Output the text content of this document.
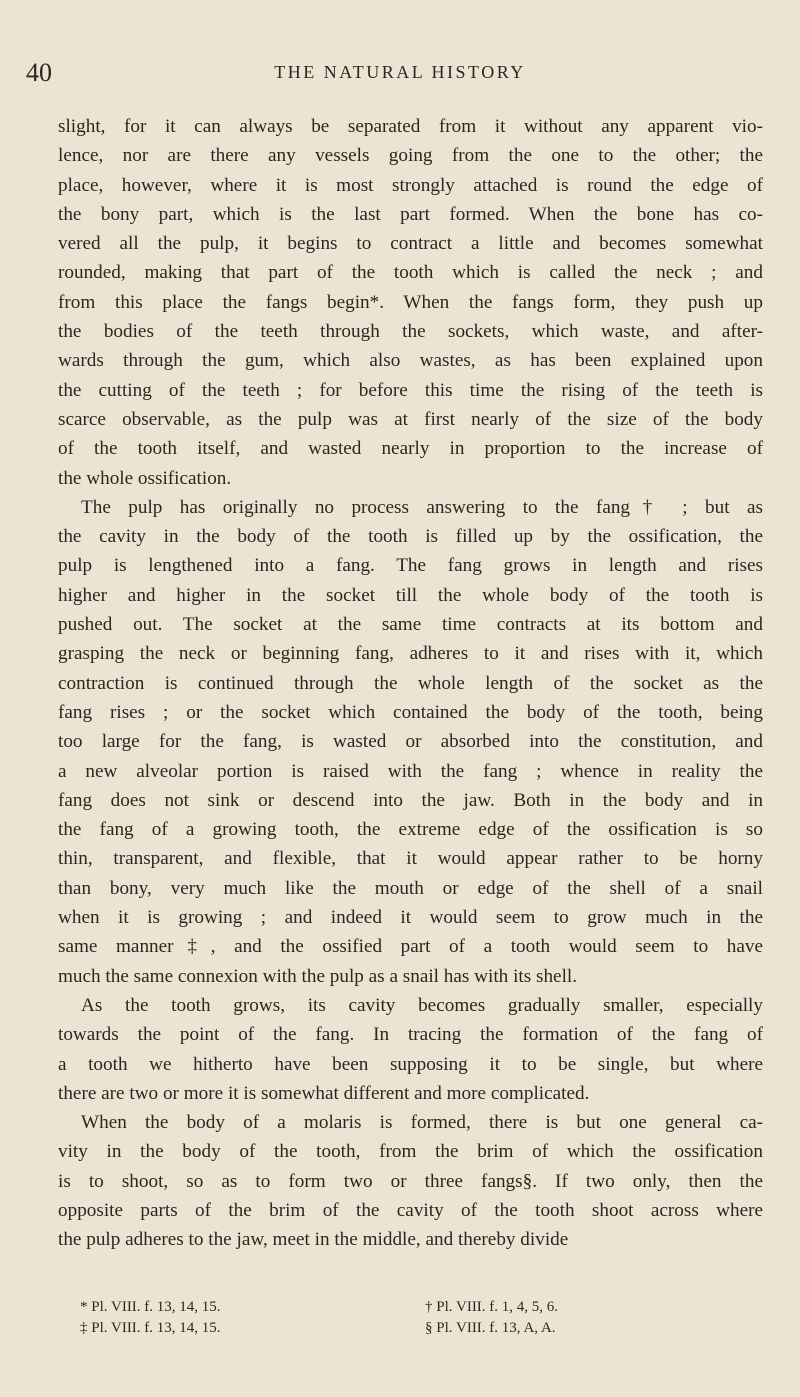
40	THE NATURAL HISTORY
slight, for it can always be separated from it without any apparent vio-
lence, nor are there any vessels going from the one to the other; the
place, however, where it is most strongly attached is round the edge of
the bony part, which is the last part formed. When the bone has co-
vered all the pulp, it begins to contract a little and becomes somewhat
rounded, making that part of the tooth which is called the neck ; and
from this place the fangs begin*. When the fangs form, they push up
the bodies of the teeth through the sockets, which waste, and after-
wards through the gum, which also wastes, as has been explained upon
the cutting of the teeth ; for before this time the rising of the teeth is
scarce observable, as the pulp was at first nearly of the size of the body
of the tooth itself, and wasted nearly in proportion to the increase of
the whole ossification.
The pulp has originally no process answering to the fang† ; but as
the cavity in the body of the tooth is filled up by the ossification, the
pulp is lengthened into a fang. The fang grows in length and rises
higher and higher in the socket till the whole body of the tooth is
pushed out. The socket at the same time contracts at its bottom and
grasping the neck or beginning fang, adheres to it and rises with it, which
contraction is continued through the whole length of the socket as the
fang rises ; or the socket which contained the body of the tooth, being
too large for the fang, is wasted or absorbed into the constitution, and
a new alveolar portion is raised with the fang ; whence in reality the
fang does not sink or descend into the jaw. Both in the body and in
the fang of a growing tooth, the extreme edge of the ossification is so
thin, transparent, and flexible, that it would appear rather to be horny
than bony, very much like the mouth or edge of the shell of a snail
when it is growing ; and indeed it would seem to grow much in the
same manner‡, and the ossified part of a tooth would seem to have
much the same connexion with the pulp as a snail has with its shell.
As the tooth grows, its cavity becomes gradually smaller, especially
towards the point of the fang. In tracing the formation of the fang of
a tooth we hitherto have been supposing it to be single, but where
there are two or more it is somewhat different and more complicated.
When the body of a molaris is formed, there is but one general ca-
vity in the body of the tooth, from the brim of which the ossification
is to shoot, so as to form two or three fangs§. If two only, then the
opposite parts of the brim of the cavity of the tooth shoot across where
the pulp adheres to the jaw, meet in the middle, and thereby divide
* Pl. VIII. f. 13, 14, 15.	† Pl. VIII. f. 1, 4, 5, 6.
‡ Pl. VIII. f. 13, 14, 15.	§ Pl. VIII. f. 13, A, A.
